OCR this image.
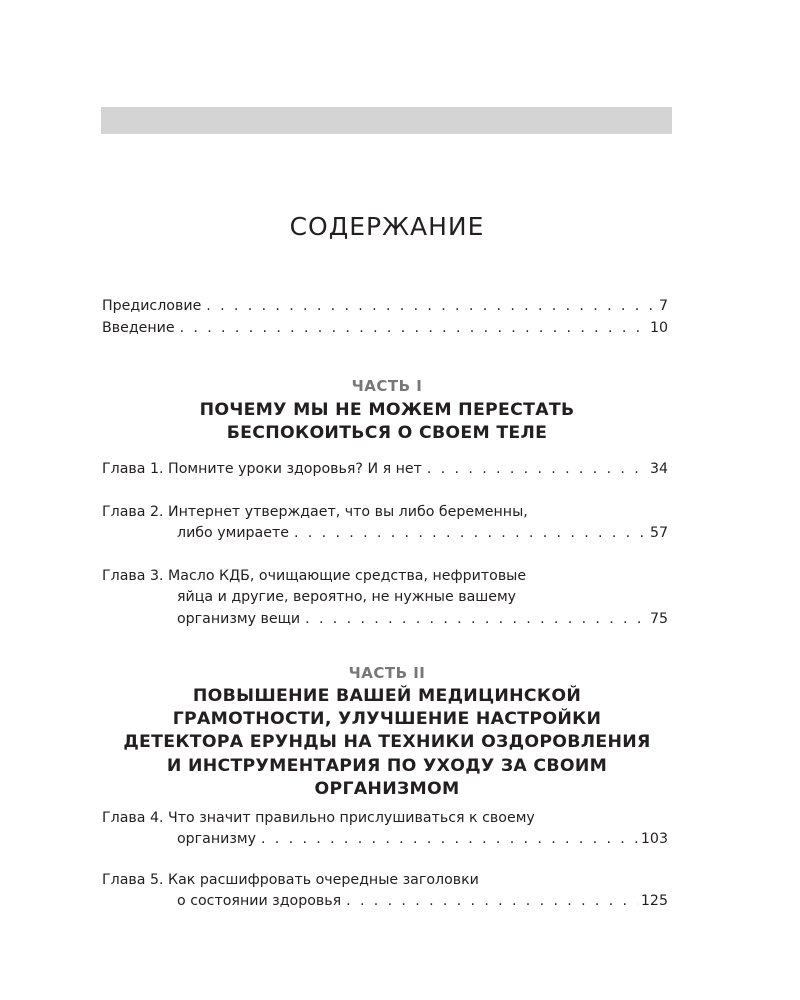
СОДЕРЖАНИЕ
Предисловие . . .	7
Введение . . .	10
ЧАСТЬ I
ПОЧЕМУ МЫ НЕ МОЖЕМ ПЕРЕСТАТЬ
БЕСПОКОИТЬСЯ О СВОЕМ ТЕЛЕ
Глава 1. Помните уроки здоровья? И я нет . . .	34
Глава 2. Интернет утверждает, что вы либо беременны,
либо умираете . . .	57
Глава 3. Масло КДБ, очищающие средства, нефритовые
яйца и другие, вероятно, не нужные вашему
организму вещи . . .	75
ЧАСТЬ II
ПОВЫШЕНИЕ ВАШЕЙ МЕДИЦИНСКОЙ
ГРАМОТНОСТИ, УЛУЧШЕНИЕ НАСТРОЙКИ
ДЕТЕКТОРА ЕРУНДЫ НА ТЕХНИКИ ОЗДОРОВЛЕНИЯ
И ИНСТРУМЕНТАРИЯ ПО УХОДУ ЗА СВОИМ
ОРГАНИЗМОМ
Глава 4. Что значит правильно прислушиваться к своему
организму . . .	103
Глава 5. Как расшифровать очередные заголовки
о состоянии здоровья . . .	125
